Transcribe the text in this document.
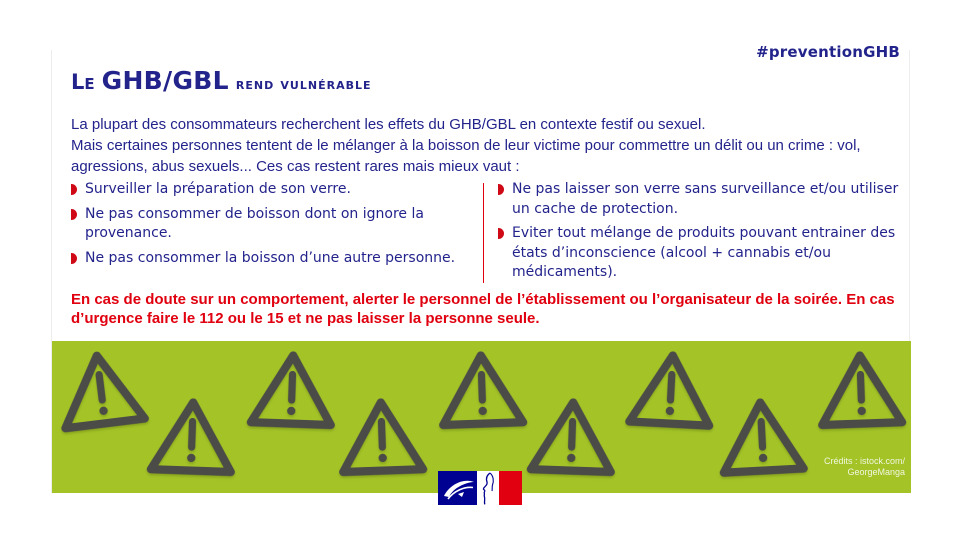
#preventionGHB
Le GHB/GBL rend vulnérable
La plupart des consommateurs recherchent les effets du GHB/GBL en contexte festif ou sexuel.
Mais certaines personnes tentent de le mélanger à la boisson de leur victime pour commettre un délit ou un crime : vol, agressions, abus sexuels... Ces cas restent rares mais mieux vaut :
Surveiller la préparation de son verre.
Ne pas consommer de boisson dont on ignore la provenance.
Ne pas consommer la boisson d’une autre personne.
Ne pas laisser son verre sans surveillance et/ou utiliser un cache de protection.
Eviter tout mélange de produits pouvant entrainer des états d’inconscience (alcool + cannabis et/ou médicaments).
En cas de doute sur un comportement, alerter le personnel de l’établissement ou l’organisateur de la soirée. En cas d’urgence faire le 112 ou le 15 et ne pas laisser la personne seule.
Crédits : istock.com/
GeorgeManga
